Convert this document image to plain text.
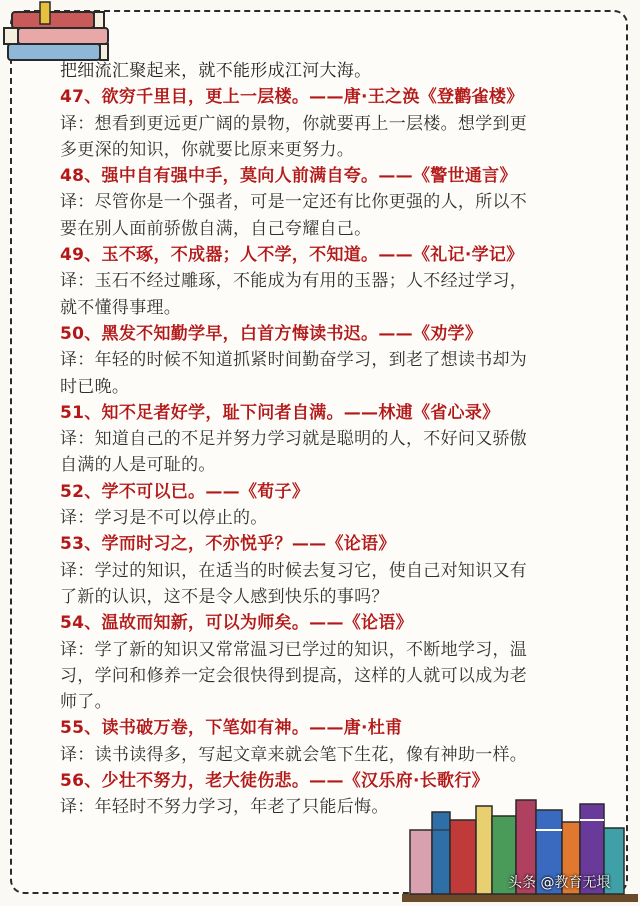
把细流汇聚起来，就不能形成江河大海。
47、欲穷千里目，更上一层楼。——唐·王之涣《登鹳雀楼》
译：想看到更远更广阔的景物，你就要再上一层楼。想学到更
多更深的知识，你就要比原来更努力。
48、强中自有强中手，莫向人前满自夸。——《警世通言》
译：尽管你是一个强者，可是一定还有比你更强的人，所以不
要在别人面前骄傲自满，自己夸耀自己。
49、玉不琢，不成器；人不学，不知道。——《礼记·学记》
译：玉石不经过雕琢，不能成为有用的玉器；人不经过学习，
就不懂得事理。
50、黑发不知勤学早，白首方悔读书迟。——《劝学》
译：年轻的时候不知道抓紧时间勤奋学习，到老了想读书却为
时已晚。
51、知不足者好学，耻下问者自满。——林逋《省心录》
译：知道自己的不足并努力学习就是聪明的人，不好问又骄傲
自满的人是可耻的。
52、学不可以已。——《荀子》
译：学习是不可以停止的。
53、学而时习之，不亦悦乎？——《论语》
译：学过的知识，在适当的时候去复习它，使自己对知识又有
了新的认识，这不是令人感到快乐的事吗？
54、温故而知新，可以为师矣。——《论语》
译：学了新的知识又常常温习已学过的知识，不断地学习，温
习，学问和修养一定会很快得到提高，这样的人就可以成为老
师了。
55、读书破万卷，下笔如有神。——唐·杜甫
译：读书读得多，写起文章来就会笔下生花，像有神助一样。
56、少壮不努力，老大徒伤悲。——《汉乐府·长歌行》
译：年轻时不努力学习，年老了只能后悔。
头条 @教育无垠
